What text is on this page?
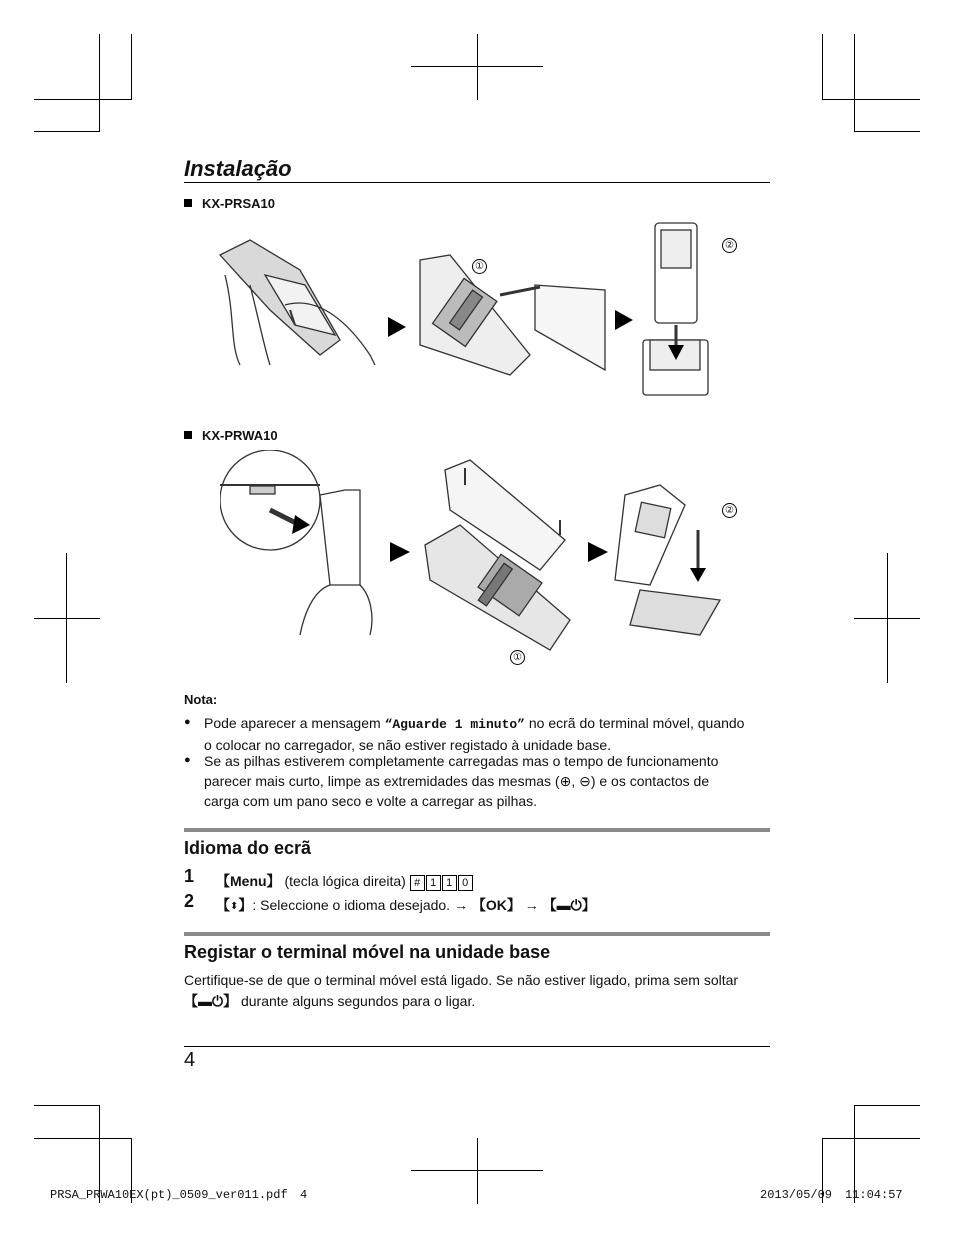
Instalação
KX-PRSA10
①
②
KX-PRWA10
②
①
Nota:
● Pode aparecer a mensagem “Aguarde 1 minuto” no ecrã do terminal móvel, quando
o colocar no carregador, se não estiver registado à unidade base.
● Se as pilhas estiverem completamente carregadas mas o tempo de funcionamento
parecer mais curto, limpe as extremidades das mesmas (⊕, ⊖) e os contactos de
carga com um pano seco e volte a carregar as pilhas.
Idioma do ecrã
1 【Menu】 (tecla lógica direita) # 1 1 0
2 【⬍】: Seleccione o idioma desejado. → 【OK】 → 【▬⏻】
Registar o terminal móvel na unidade base
Certifique-se de que o terminal móvel está ligado. Se não estiver ligado, prima sem soltar
【▬⏻】 durante alguns segundos para o ligar.
4
PRSA_PRWA10EX(pt)_0509_ver011.pdf 4	2013/05/09 11:04:57
